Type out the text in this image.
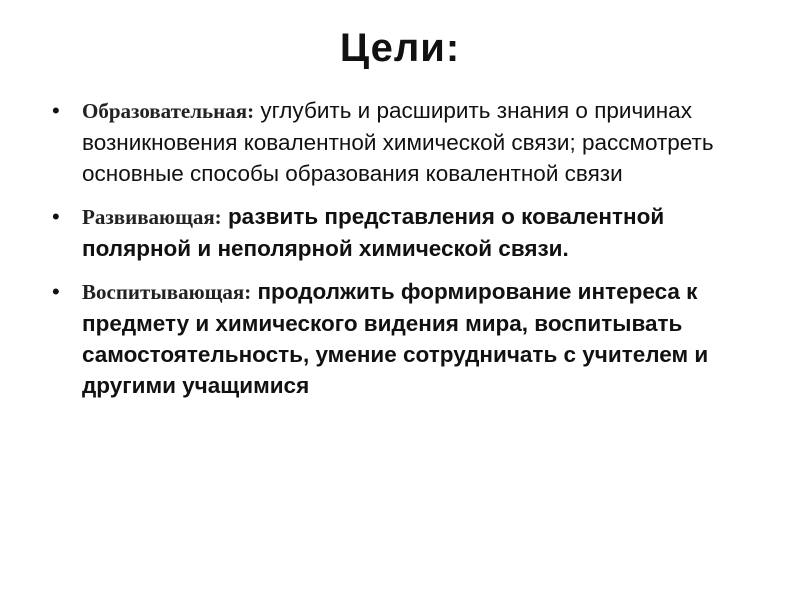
Цели:
• Образовательная: углубить и расширить знания о причинах возникновения ковалентной химической связи; рассмотреть основные способы образования ковалентной связи
• Развивающая: развить представления о ковалентной полярной и неполярной химической связи.
• Воспитывающая: продолжить формирование интереса к предмету и химического видения мира, воспитывать самостоятельность, умение сотрудничать с учителем и другими учащимися
